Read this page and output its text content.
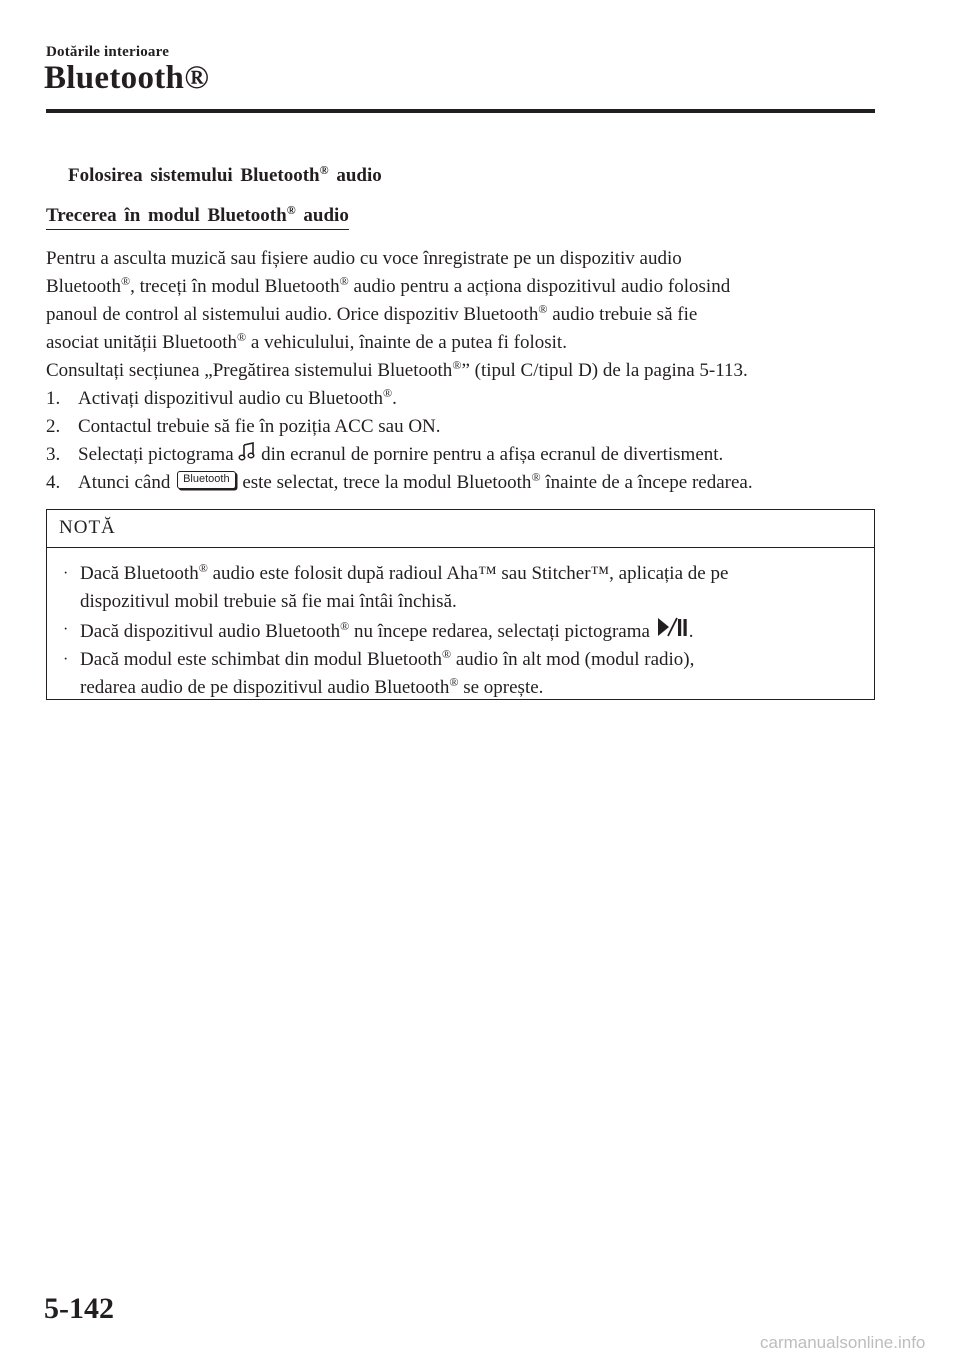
Dotările interioare
Bluetooth®
Folosirea sistemului Bluetooth® audio
Trecerea în modul Bluetooth® audio

Pentru a asculta muzică sau fișiere audio cu voce înregistrate pe un dispozitiv audio

Bluetooth®, treceți în modul Bluetooth® audio pentru a acționa dispozitivul audio folosind

panoul de control al sistemului audio. Orice dispozitiv Bluetooth® audio trebuie să fie

asociat unității Bluetooth® a vehiculului, înainte de a putea fi folosit.

Consultați secțiunea „Pregătirea sistemului Bluetooth®” (tipul C/tipul D) de la pagina 5-113.

1. Activați dispozitivul audio cu Bluetooth®.
2. Contactul trebuie să fie în poziția ACC sau ON.
3. Selectați pictograma  din ecranul de pornire pentru a afișa ecranul de divertisment.
4. Atunci când Bluetooth este selectat, trece la modul Bluetooth® înainte de a începe redarea.
NOTĂ
· Dacă Bluetooth® audio este folosit după radioul Aha™ sau Stitcher™, aplicația de pe
dispozitivul mobil trebuie să fie mai întâi închisă.
· Dacă dispozitivul audio Bluetooth® nu începe redarea, selectați pictograma .
· Dacă modul este schimbat din modul Bluetooth® audio în alt mod (modul radio),
redarea audio de pe dispozitivul audio Bluetooth® se oprește.
5-142
carmanualsonline.info
